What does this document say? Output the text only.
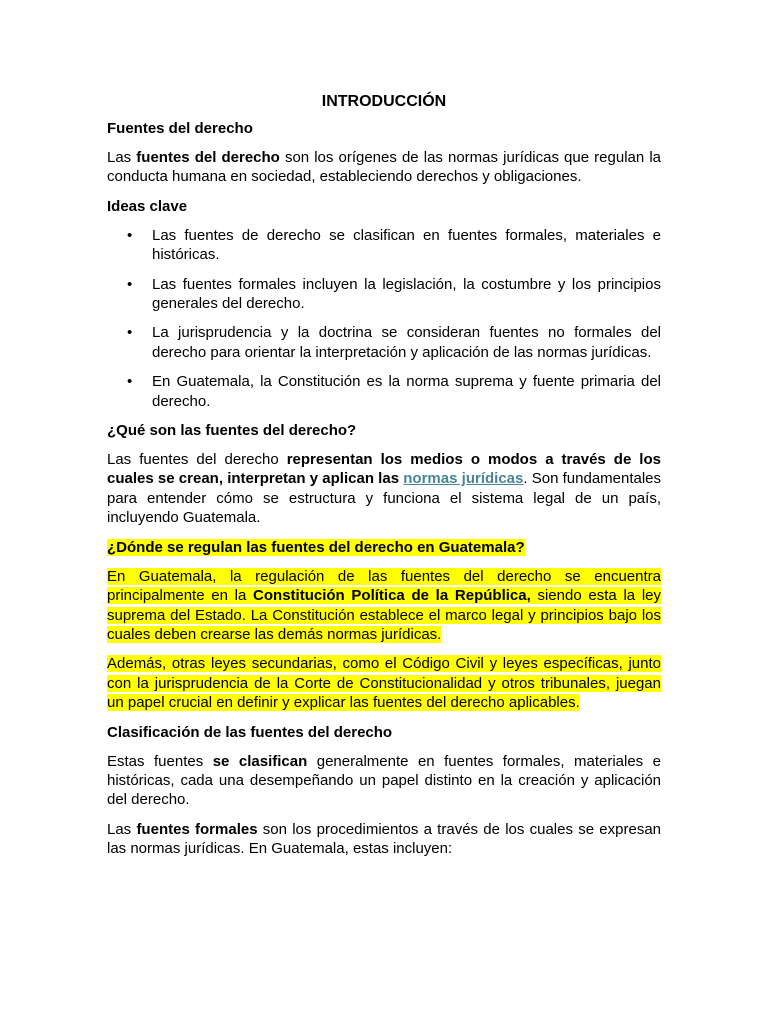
INTRODUCCIÓN
Fuentes del derecho

Las fuentes del derecho son los orígenes de las normas jurídicas que regulan la conducta humana en sociedad, estableciendo derechos y obligaciones.

Ideas clave
• Las fuentes de derecho se clasifican en fuentes formales, materiales e históricas.
• Las fuentes formales incluyen la legislación, la costumbre y los principios generales del derecho.
• La jurisprudencia y la doctrina se consideran fuentes no formales del derecho para orientar la interpretación y aplicación de las normas jurídicas.
• En Guatemala, la Constitución es la norma suprema y fuente primaria del derecho.
¿Qué son las fuentes del derecho?

Las fuentes del derecho representan los medios o modos a través de los cuales se crean, interpretan y aplican las normas jurídicas. Son fundamentales para entender cómo se estructura y funciona el sistema legal de un país, incluyendo Guatemala.

¿Dónde se regulan las fuentes del derecho en Guatemala?

En Guatemala, la regulación de las fuentes del derecho se encuentra principalmente en la Constitución Política de la República, siendo esta la ley suprema del Estado. La Constitución establece el marco legal y principios bajo los cuales deben crearse las demás normas jurídicas.

Además, otras leyes secundarias, como el Código Civil y leyes específicas, junto con la jurisprudencia de la Corte de Constitucionalidad y otros tribunales, juegan un papel crucial en definir y explicar las fuentes del derecho aplicables.

Clasificación de las fuentes del derecho

Estas fuentes se clasifican generalmente en fuentes formales, materiales e históricas, cada una desempeñando un papel distinto en la creación y aplicación del derecho.

Las fuentes formales son los procedimientos a través de los cuales se expresan las normas jurídicas. En Guatemala, estas incluyen:
